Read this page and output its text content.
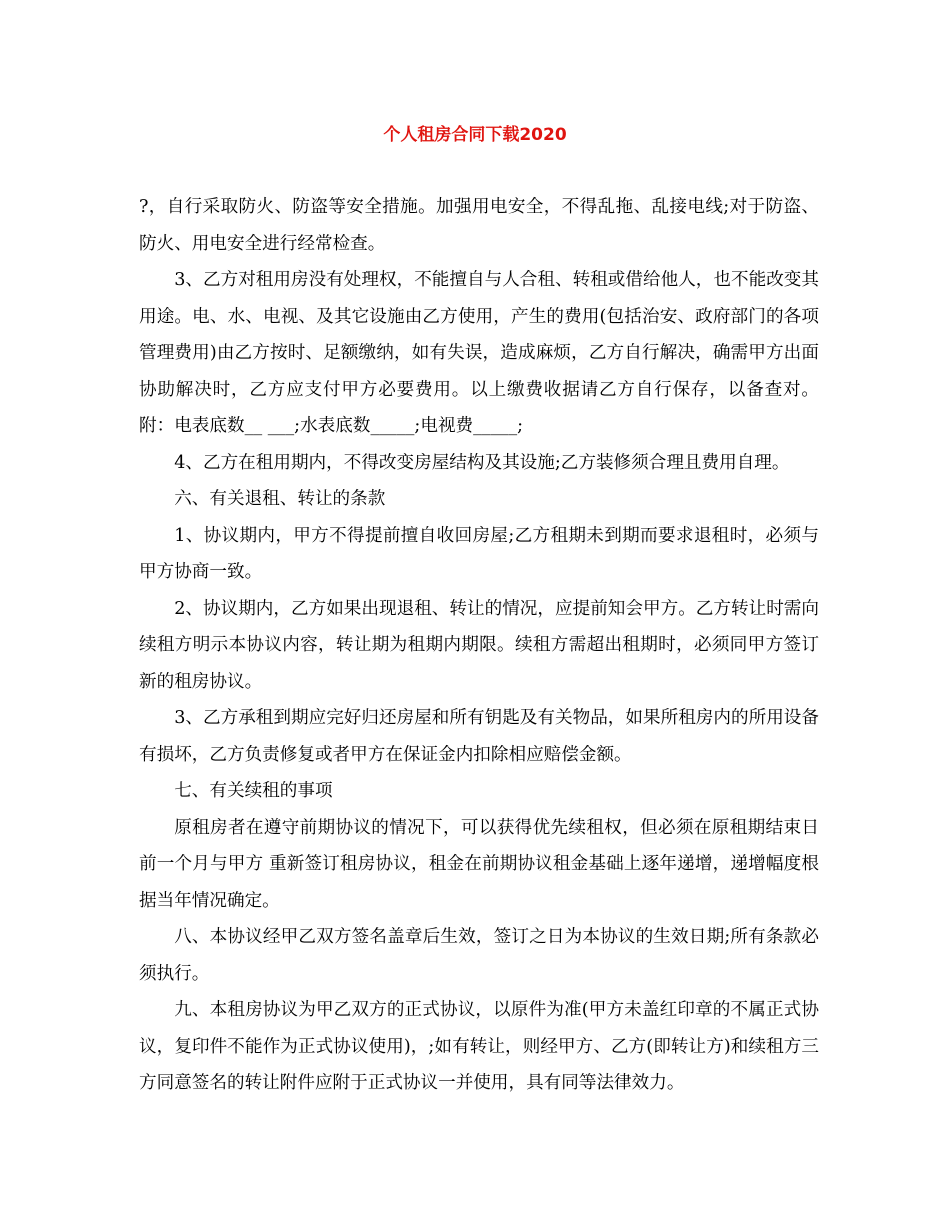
个人租房合同下载2020

?，自行采取防火、防盗等安全措施。加强用电安全，不得乱拖、乱接电线;对于防盗、防火、用电安全进行经常检查。

3、乙方对租用房没有处理权，不能擅自与人合租、转租或借给他人，也不能改变其用途。电、水、电视、及其它设施由乙方使用，产生的费用(包括治安、政府部门的各项管理费用)由乙方按时、足额缴纳，如有失误，造成麻烦，乙方自行解决，确需甲方出面协助解决时，乙方应支付甲方必要费用。以上缴费收据请乙方自行保存，以备查对。附：电表底数__ ___;水表底数_____;电视费_____;

4、乙方在租用期内，不得改变房屋结构及其设施;乙方装修须合理且费用自理。

六、有关退租、转让的条款

1、协议期内，甲方不得提前擅自收回房屋;乙方租期未到期而要求退租时，必须与甲方协商一致。

2、协议期内，乙方如果出现退租、转让的情况，应提前知会甲方。乙方转让时需向续租方明示本协议内容，转让期为租期内期限。续租方需超出租期时，必须同甲方签订新的租房协议。

3、乙方承租到期应完好归还房屋和所有钥匙及有关物品，如果所租房内的所用设备有损坏，乙方负责修复或者甲方在保证金内扣除相应赔偿金额。

七、有关续租的事项

原租房者在遵守前期协议的情况下，可以获得优先续租权，但必须在原租期结束日前一个月与甲方 重新签订租房协议，租金在前期协议租金基础上逐年递增，递增幅度根据当年情况确定。

八、本协议经甲乙双方签名盖章后生效，签订之日为本协议的生效日期;所有条款必须执行。

九、本租房协议为甲乙双方的正式协议，以原件为准(甲方未盖红印章的不属正式协议，复印件不能作为正式协议使用)，;如有转让，则经甲方、乙方(即转让方)和续租方三方同意签名的转让附件应附于正式协议一并使用，具有同等法律效力。
